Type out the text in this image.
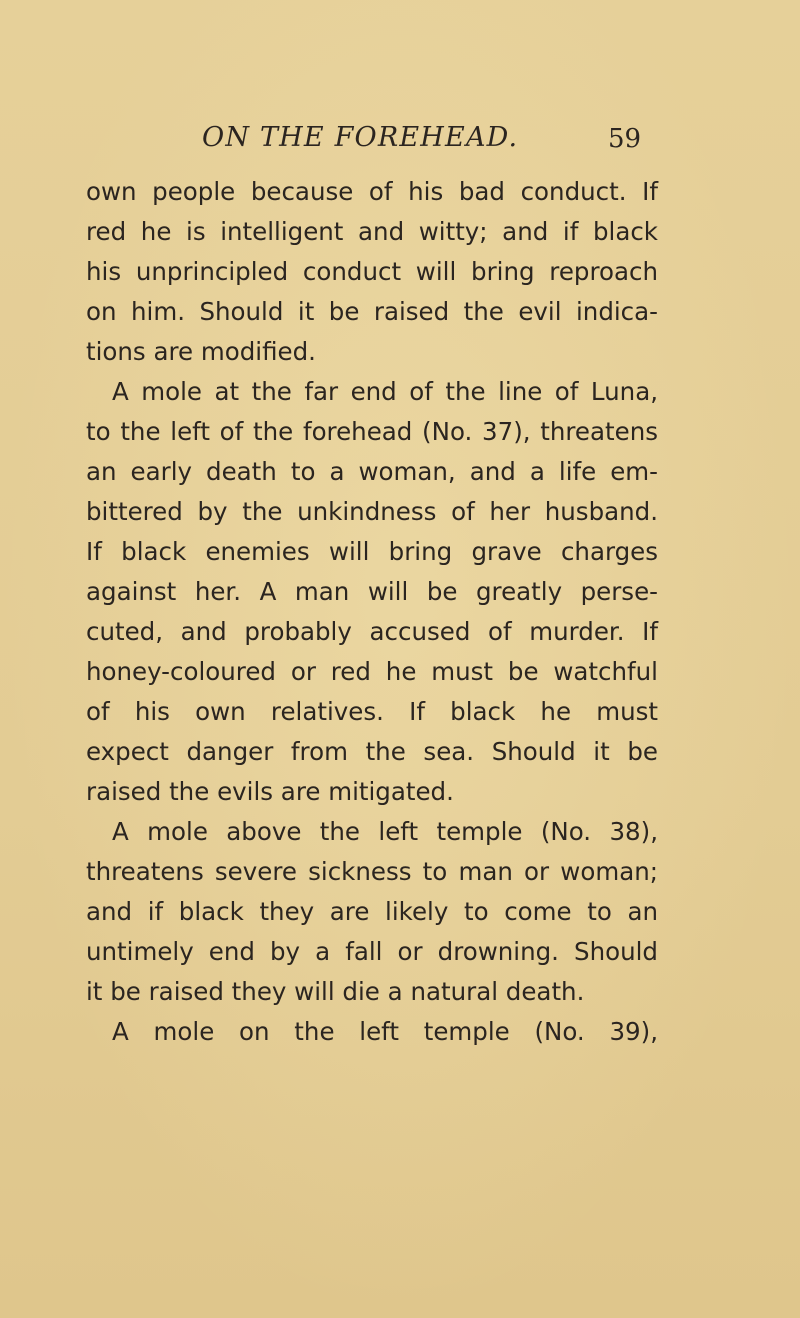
ON THE FOREHEAD.	59
own people because of his bad conduct. If
red he is intelligent and witty; and if black
his unprincipled conduct will bring reproach
on him. Should it be raised the evil indica-
tions are modified.
A mole at the far end of the line of Luna,
to the left of the forehead (No. 37), threatens
an early death to a woman, and a life em-
bittered by the unkindness of her husband.
If black enemies will bring grave charges
against her. A man will be greatly perse-
cuted, and probably accused of murder. If
honey-coloured or red he must be watchful
of his own relatives. If black he must
expect danger from the sea. Should it be
raised the evils are mitigated.
A mole above the left temple (No. 38),
threatens severe sickness to man or woman;
and if black they are likely to come to an
untimely end by a fall or drowning. Should
it be raised they will die a natural death.
A mole on the left temple (No. 39),
